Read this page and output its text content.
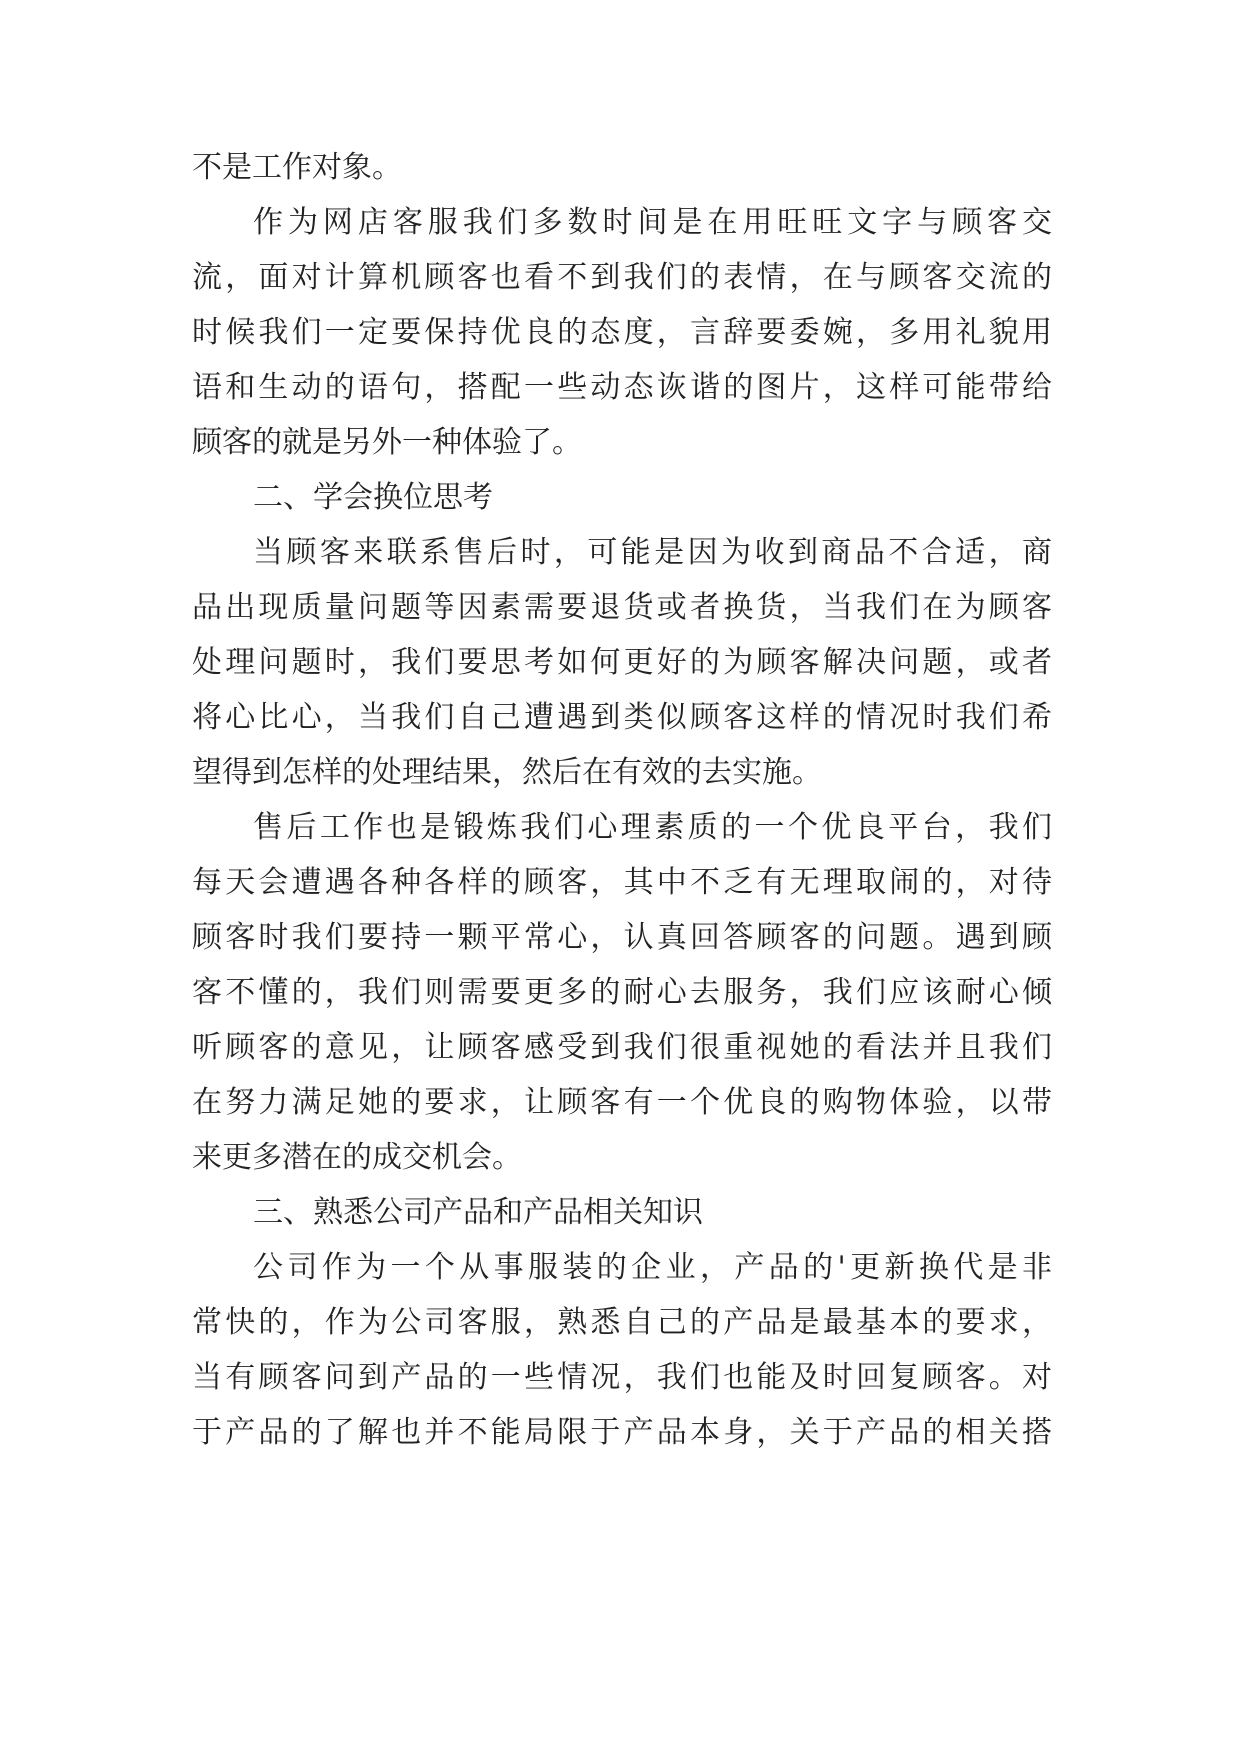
不是工作对象。
作为网店客服我们多数时间是在用旺旺文字与顾客交
流，面对计算机顾客也看不到我们的表情，在与顾客交流的
时候我们一定要保持优良的态度，言辞要委婉，多用礼貌用
语和生动的语句，搭配一些动态诙谐的图片，这样可能带给
顾客的就是另外一种体验了。
二、学会换位思考
当顾客来联系售后时，可能是因为收到商品不合适，商
品出现质量问题等因素需要退货或者换货，当我们在为顾客
处理问题时，我们要思考如何更好的为顾客解决问题，或者
将心比心，当我们自己遭遇到类似顾客这样的情况时我们希
望得到怎样的处理结果，然后在有效的去实施。
售后工作也是锻炼我们心理素质的一个优良平台，我们
每天会遭遇各种各样的顾客，其中不乏有无理取闹的，对待
顾客时我们要持一颗平常心，认真回答顾客的问题。遇到顾
客不懂的，我们则需要更多的耐心去服务，我们应该耐心倾
听顾客的意见，让顾客感受到我们很重视她的看法并且我们
在努力满足她的要求，让顾客有一个优良的购物体验，以带
来更多潜在的成交机会。
三、熟悉公司产品和产品相关知识
公司作为一个从事服装的企业，产品的'更新换代是非
常快的，作为公司客服，熟悉自己的产品是最基本的要求，
当有顾客问到产品的一些情况，我们也能及时回复顾客。对
于产品的了解也并不能局限于产品本身，关于产品的相关搭
